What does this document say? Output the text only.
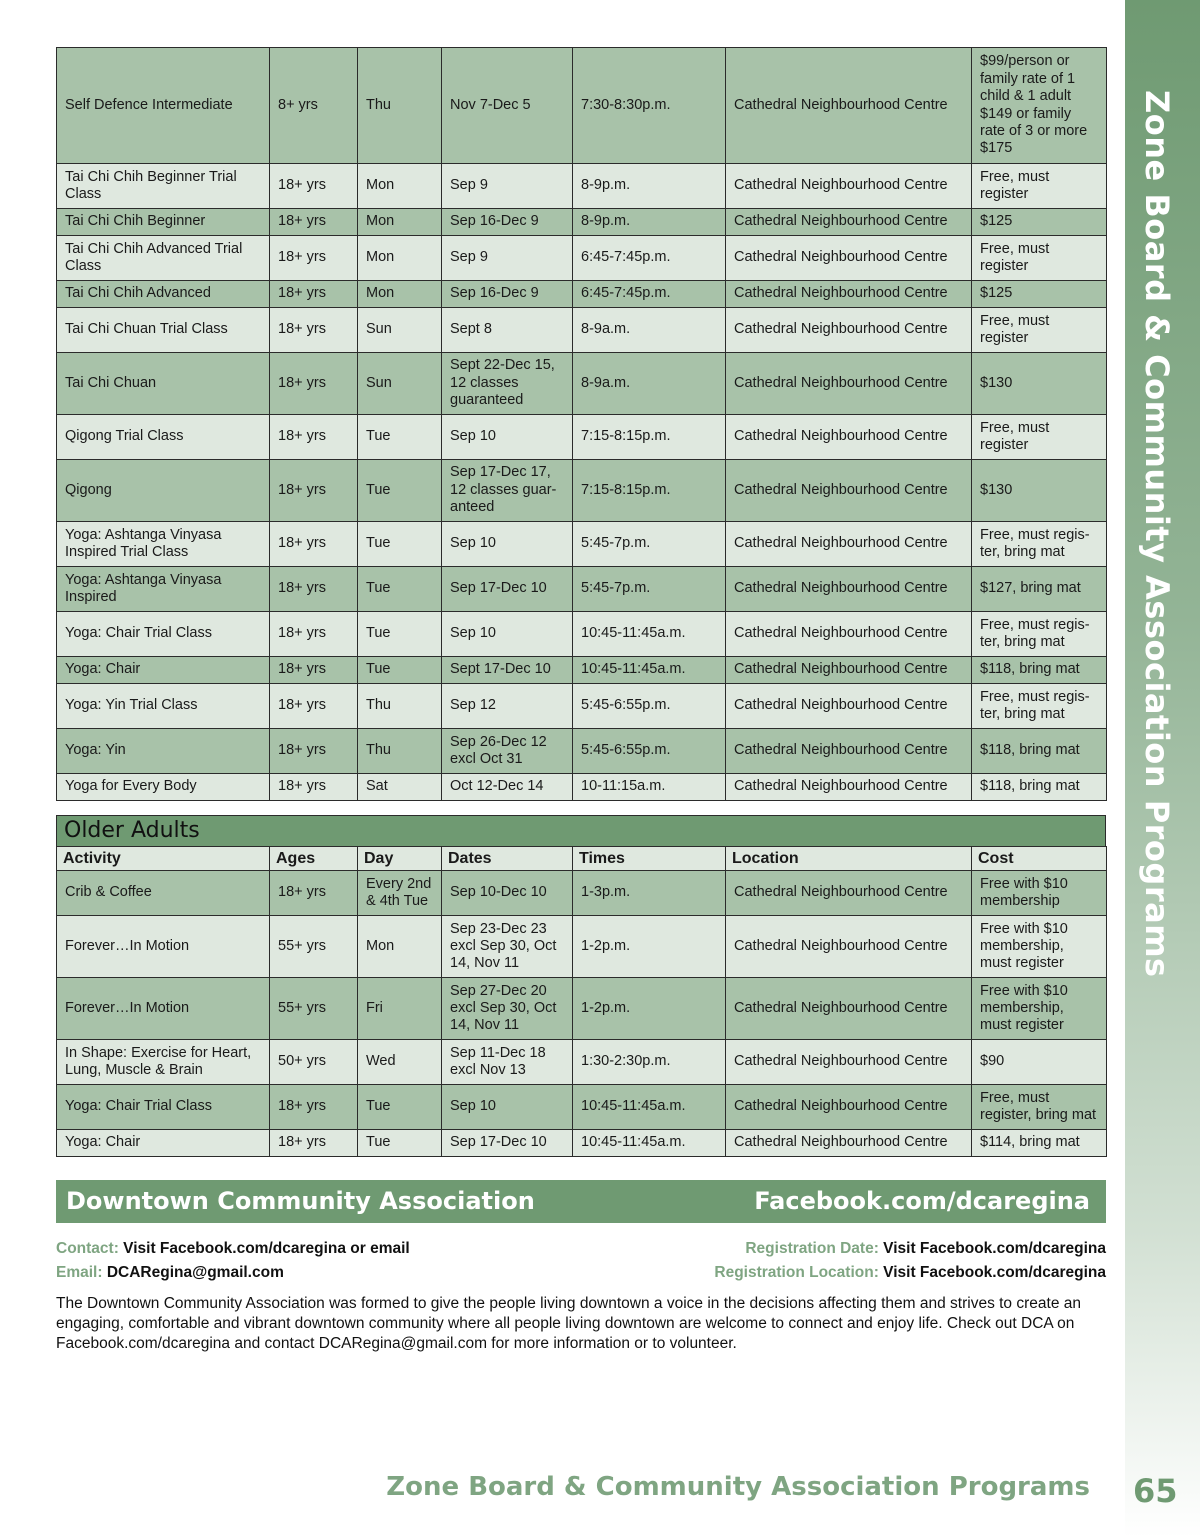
Zone Board & Community Association Programs
Self Defence Intermediate	8+ yrs	Thu	Nov 7-Dec 5	7:30-8:30p.m.	Cathedral Neighbourhood Centre	$99/person or family rate of 1 child & 1 adult $149 or family rate of 3 or more $175
Tai Chi Chih Beginner Trial Class	18+ yrs	Mon	Sep 9	8-9p.m.	Cathedral Neighbourhood Centre	Free, must register
Tai Chi Chih Beginner	18+ yrs	Mon	Sep 16-Dec 9	8-9p.m.	Cathedral Neighbourhood Centre	$125
Tai Chi Chih Advanced Trial Class	18+ yrs	Mon	Sep 9	6:45-7:45p.m.	Cathedral Neighbourhood Centre	Free, must register
Tai Chi Chih Advanced	18+ yrs	Mon	Sep 16-Dec 9	6:45-7:45p.m.	Cathedral Neighbourhood Centre	$125
Tai Chi Chuan Trial Class	18+ yrs	Sun	Sept 8	8-9a.m.	Cathedral Neighbourhood Centre	Free, must register
Tai Chi Chuan	18+ yrs	Sun	Sept 22-Dec 15, 12 classes guaranteed	8-9a.m.	Cathedral Neighbourhood Centre	$130
Qigong Trial Class	18+ yrs	Tue	Sep 10	7:15-8:15p.m.	Cathedral Neighbourhood Centre	Free, must register
Qigong	18+ yrs	Tue	Sep 17-Dec 17, 12 classes guar-anteed	7:15-8:15p.m.	Cathedral Neighbourhood Centre	$130
Yoga: Ashtanga Vinyasa Inspired Trial Class	18+ yrs	Tue	Sep 10	5:45-7p.m.	Cathedral Neighbourhood Centre	Free, must regis-ter, bring mat
Yoga: Ashtanga Vinyasa Inspired	18+ yrs	Tue	Sep 17-Dec 10	5:45-7p.m.	Cathedral Neighbourhood Centre	$127, bring mat
Yoga: Chair Trial Class	18+ yrs	Tue	Sep 10	10:45-11:45a.m.	Cathedral Neighbourhood Centre	Free, must regis-ter, bring mat
Yoga: Chair	18+ yrs	Tue	Sept 17-Dec 10	10:45-11:45a.m.	Cathedral Neighbourhood Centre	$118, bring mat
Yoga: Yin Trial Class	18+ yrs	Thu	Sep 12	5:45-6:55p.m.	Cathedral Neighbourhood Centre	Free, must regis-ter, bring mat
Yoga: Yin	18+ yrs	Thu	Sep 26-Dec 12 excl Oct 31	5:45-6:55p.m.	Cathedral Neighbourhood Centre	$118, bring mat
Yoga for Every Body	18+ yrs	Sat	Oct 12-Dec 14	10-11:15a.m.	Cathedral Neighbourhood Centre	$118, bring mat
Older Adults
Activity	Ages	Day	Dates	Times	Location	Cost
Crib & Coffee	18+ yrs	Every 2nd & 4th Tue	Sep 10-Dec 10	1-3p.m.	Cathedral Neighbourhood Centre	Free with $10 membership
Forever…In Motion	55+ yrs	Mon	Sep 23-Dec 23 excl Sep 30, Oct 14, Nov 11	1-2p.m.	Cathedral Neighbourhood Centre	Free with $10 membership, must register
Forever…In Motion	55+ yrs	Fri	Sep 27-Dec 20 excl Sep 30, Oct 14, Nov 11	1-2p.m.	Cathedral Neighbourhood Centre	Free with $10 membership, must register
In Shape: Exercise for Heart, Lung, Muscle & Brain	50+ yrs	Wed	Sep 11-Dec 18 excl Nov 13	1:30-2:30p.m.	Cathedral Neighbourhood Centre	$90
Yoga: Chair Trial Class	18+ yrs	Tue	Sep 10	10:45-11:45a.m.	Cathedral Neighbourhood Centre	Free, must register, bring mat
Yoga: Chair	18+ yrs	Tue	Sep 17-Dec 10	10:45-11:45a.m.	Cathedral Neighbourhood Centre	$114, bring mat
Downtown Community Association	Facebook.com/dcaregina
Contact: Visit Facebook.com/dcaregina or email
Email: DCARegina@gmail.com
Registration Date: Visit Facebook.com/dcaregina
Registration Location: Visit Facebook.com/dcaregina
The Downtown Community Association was formed to give the people living downtown a voice in the decisions affecting them and strives to create an engaging, comfortable and vibrant downtown community where all people living downtown are welcome to connect and enjoy life. Check out DCA on Facebook.com/dcaregina and contact DCARegina@gmail.com for more information or to volunteer.
Zone Board & Community Association Programs 65
